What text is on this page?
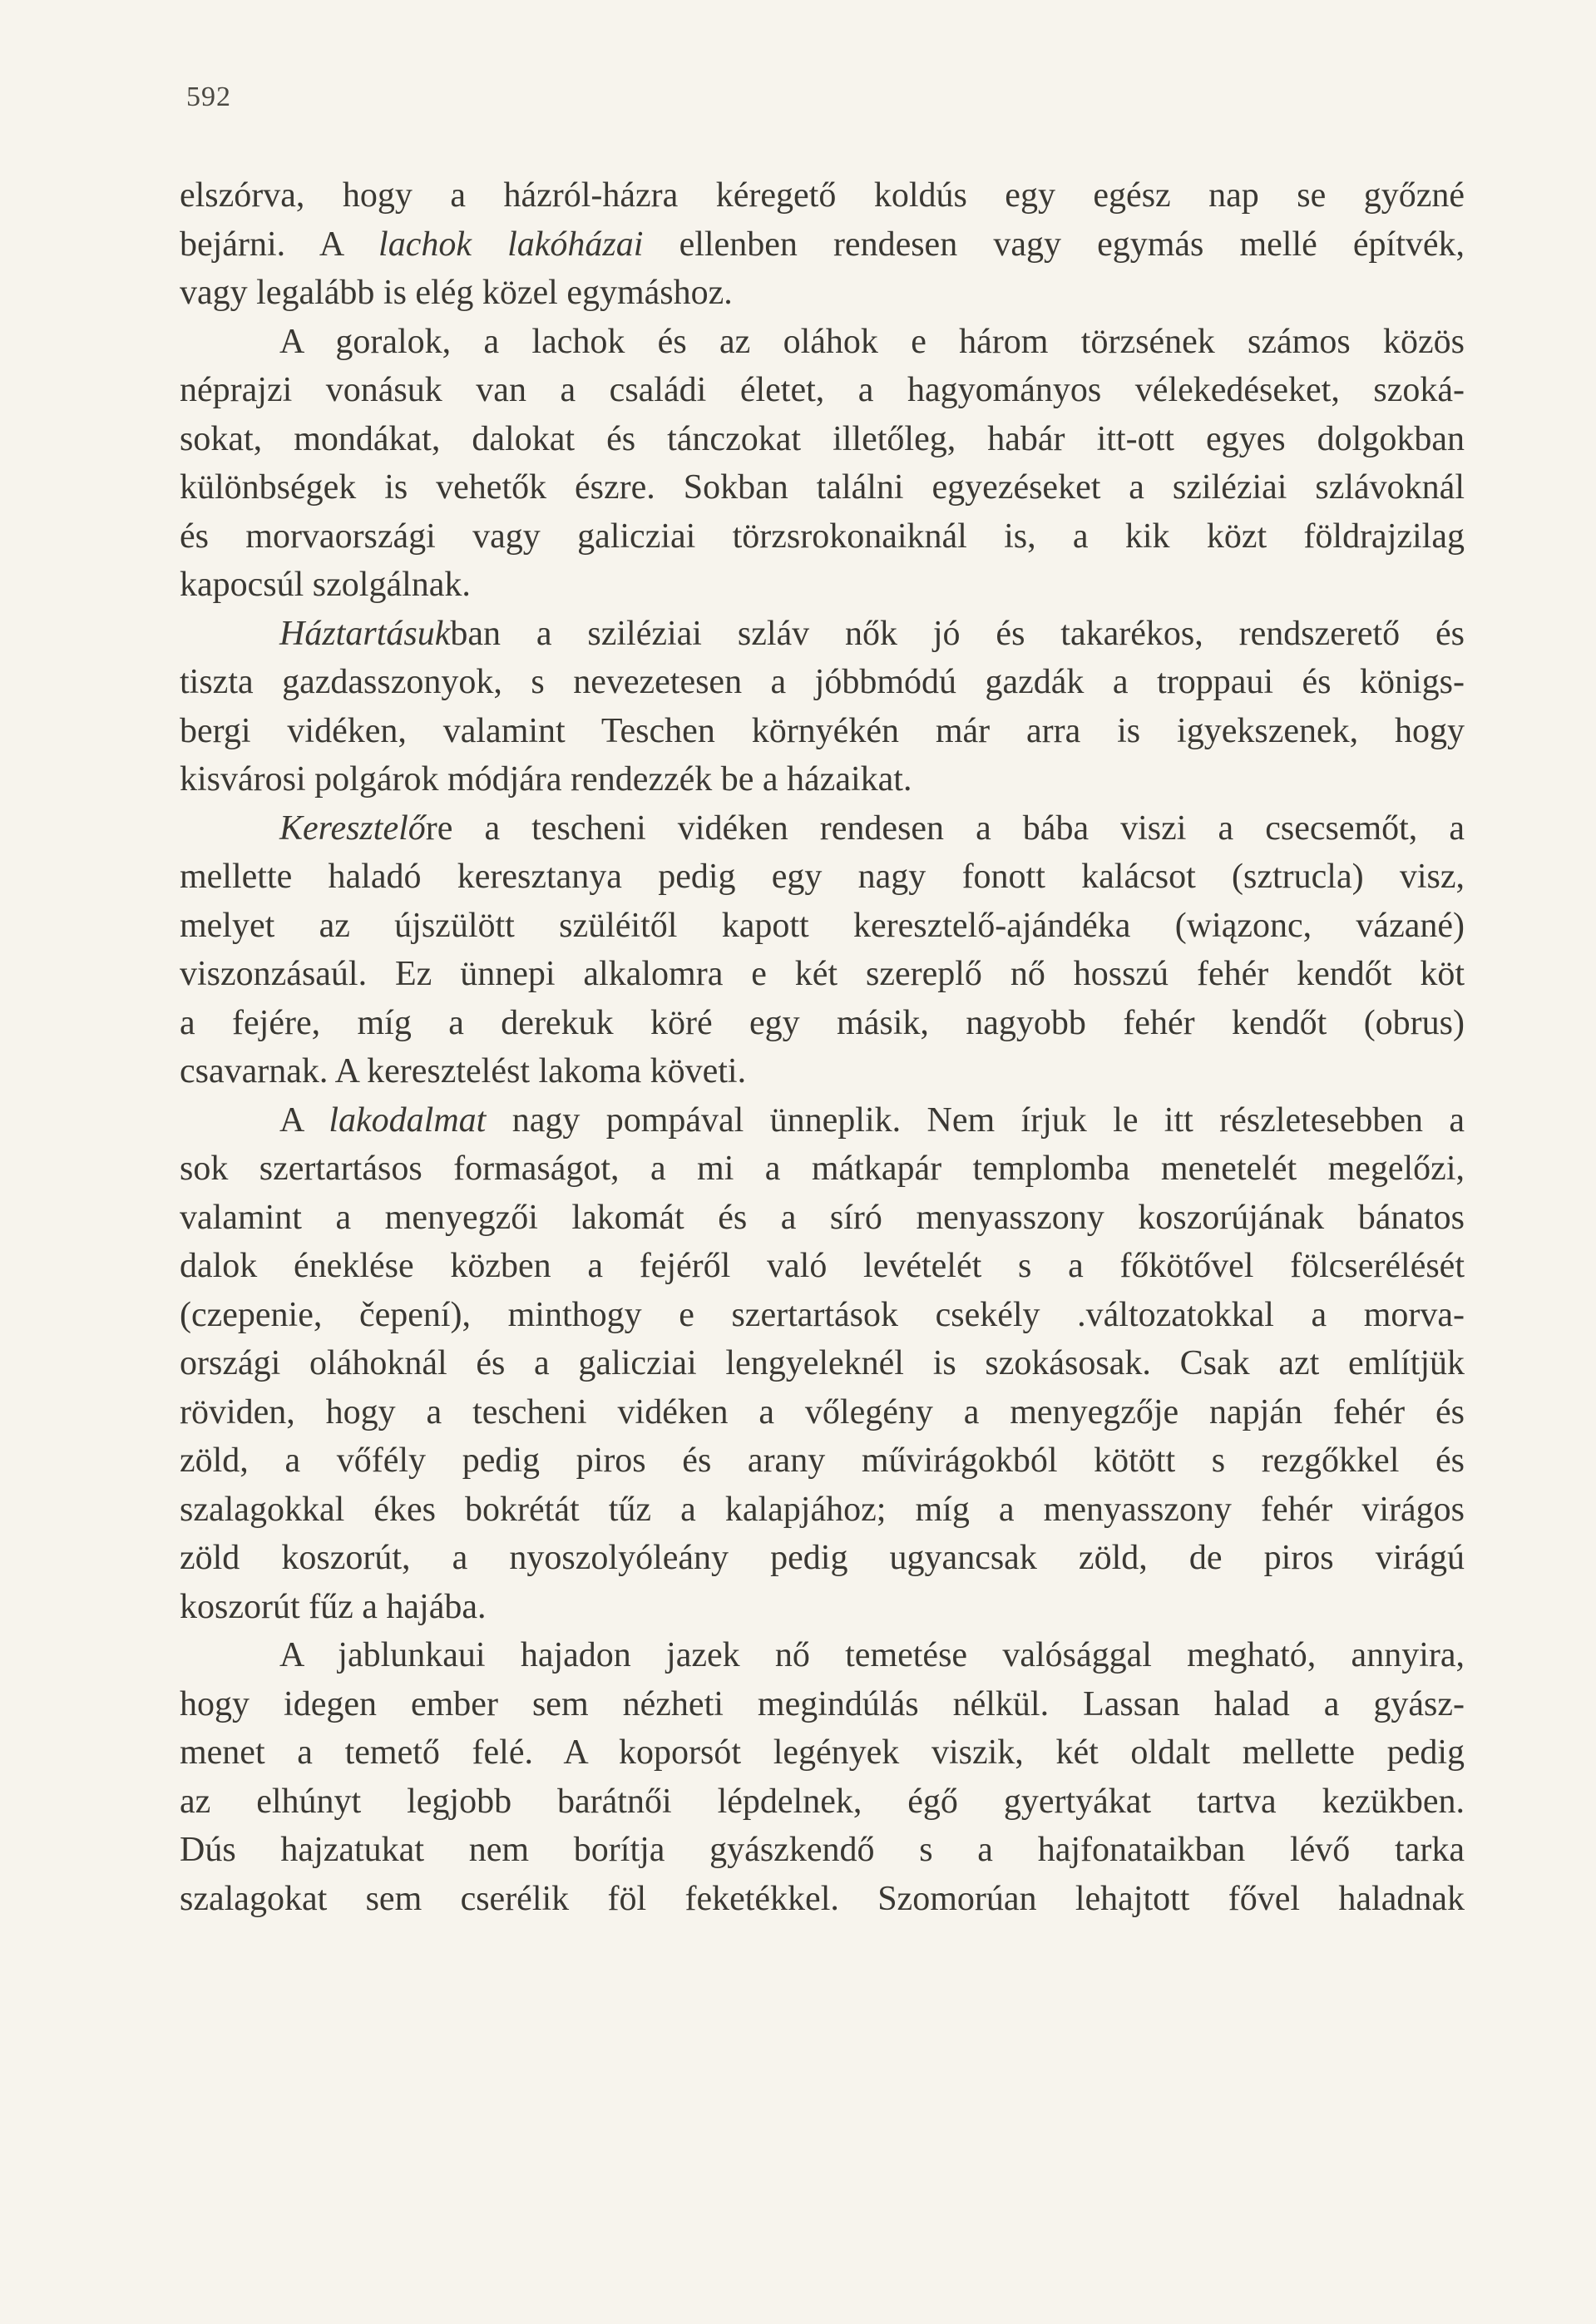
592
elszórva, hogy a házról-házra kéregető koldús egy egész nap se győzné
bejárni. A lachok lakóházai ellenben rendesen vagy egymás mellé építvék,
vagy legalább is elég közel egymáshoz.
A goralok, a lachok és az oláhok e három törzsének számos közös
néprajzi vonásuk van a családi életet, a hagyományos vélekedéseket, szoká-
sokat, mondákat, dalokat és tánczokat illetőleg, habár itt-ott egyes dolgokban
különbségek is vehetők észre. Sokban találni egyezéseket a sziléziai szlávoknál
és morvaországi vagy galicziai törzsrokonaiknál is, a kik közt földrajzilag
kapocsúl szolgálnak.
Háztartásukban a sziléziai szláv nők jó és takarékos, rendszerető és
tiszta gazdasszonyok, s nevezetesen a jóbbmódú gazdák a troppaui és königs-
bergi vidéken, valamint Teschen környékén már arra is igyekszenek, hogy
kisvárosi polgárok módjára rendezzék be a házaikat.
Keresztelőre a tescheni vidéken rendesen a bába viszi a csecsemőt, a
mellette haladó keresztanya pedig egy nagy fonott kalácsot (sztrucla) visz,
melyet az újszülött szüléitől kapott keresztelő-ajándéka (wiązonc, vázané)
viszonzásaúl. Ez ünnepi alkalomra e két szereplő nő hosszú fehér kendőt köt
a fejére, míg a derekuk köré egy másik, nagyobb fehér kendőt (obrus)
csavarnak. A keresztelést lakoma követi.
A lakodalmat nagy pompával ünneplik. Nem írjuk le itt részletesebben a
sok szertartásos formaságot, a mi a mátkapár templomba menetelét megelőzi,
valamint a menyegzői lakomát és a síró menyasszony koszorújának bánatos
dalok éneklése közben a fejéről való levételét s a főkötővel fölcserélését
(czepenie, čepení), minthogy e szertartások csekély .változatokkal a morva-
országi oláhoknál és a galicziai lengyeleknél is szokásosak. Csak azt említjük
röviden, hogy a tescheni vidéken a vőlegény a menyegzője napján fehér és
zöld, a vőfély pedig piros és arany művirágokból kötött s rezgőkkel és
szalagokkal ékes bokrétát tűz a kalapjához; míg a menyasszony fehér virágos
zöld koszorút, a nyoszolyóleány pedig ugyancsak zöld, de piros virágú
koszorút fűz a hajába.
A jablunkaui hajadon jazek nő temetése valósággal megható, annyira,
hogy idegen ember sem nézheti megindúlás nélkül. Lassan halad a gyász-
menet a temető felé. A koporsót legények viszik, két oldalt mellette pedig
az elhúnyt legjobb barátnői lépdelnek, égő gyertyákat tartva kezükben.
Dús hajzatukat nem borítja gyászkendő s a hajfonataikban lévő tarka
szalagokat sem cserélik föl feketékkel. Szomorúan lehajtott fővel haladnak
